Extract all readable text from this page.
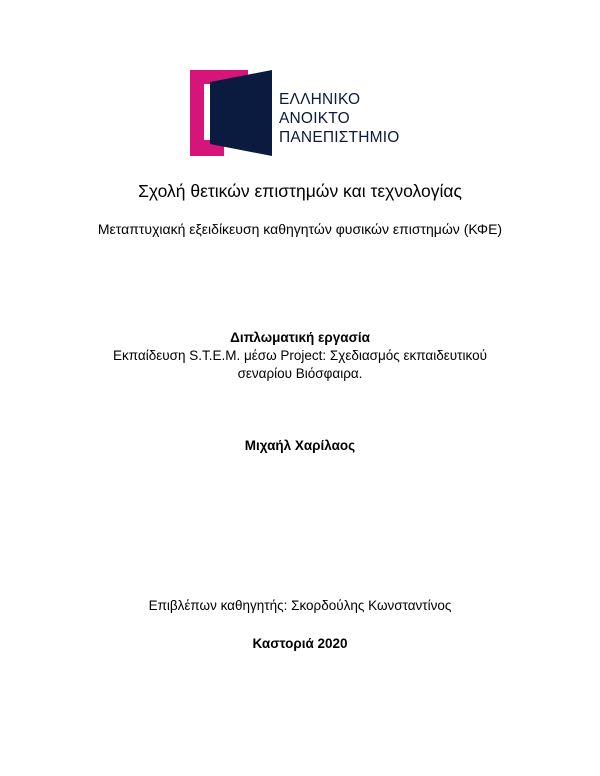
ΕΛΛΗΝΙΚΟ
ΑΝΟΙΚΤΟ
ΠΑΝΕΠΙΣΤΗΜΙΟ
Σχολή θετικών επιστημών και τεχνολογίας
Μεταπτυχιακή εξειδίκευση καθηγητών φυσικών επιστημών (ΚΦΕ)
Διπλωματική εργασία
Εκπαίδευση S.T.E.M. μέσω Project: Σχεδιασμός εκπαιδευτικού
σεναρίου Βιόσφαιρα.
Μιχαήλ Χαρίλαος
Επιβλέπων καθηγητής: Σκορδούλης Κωνσταντίνος
Καστοριά 2020
